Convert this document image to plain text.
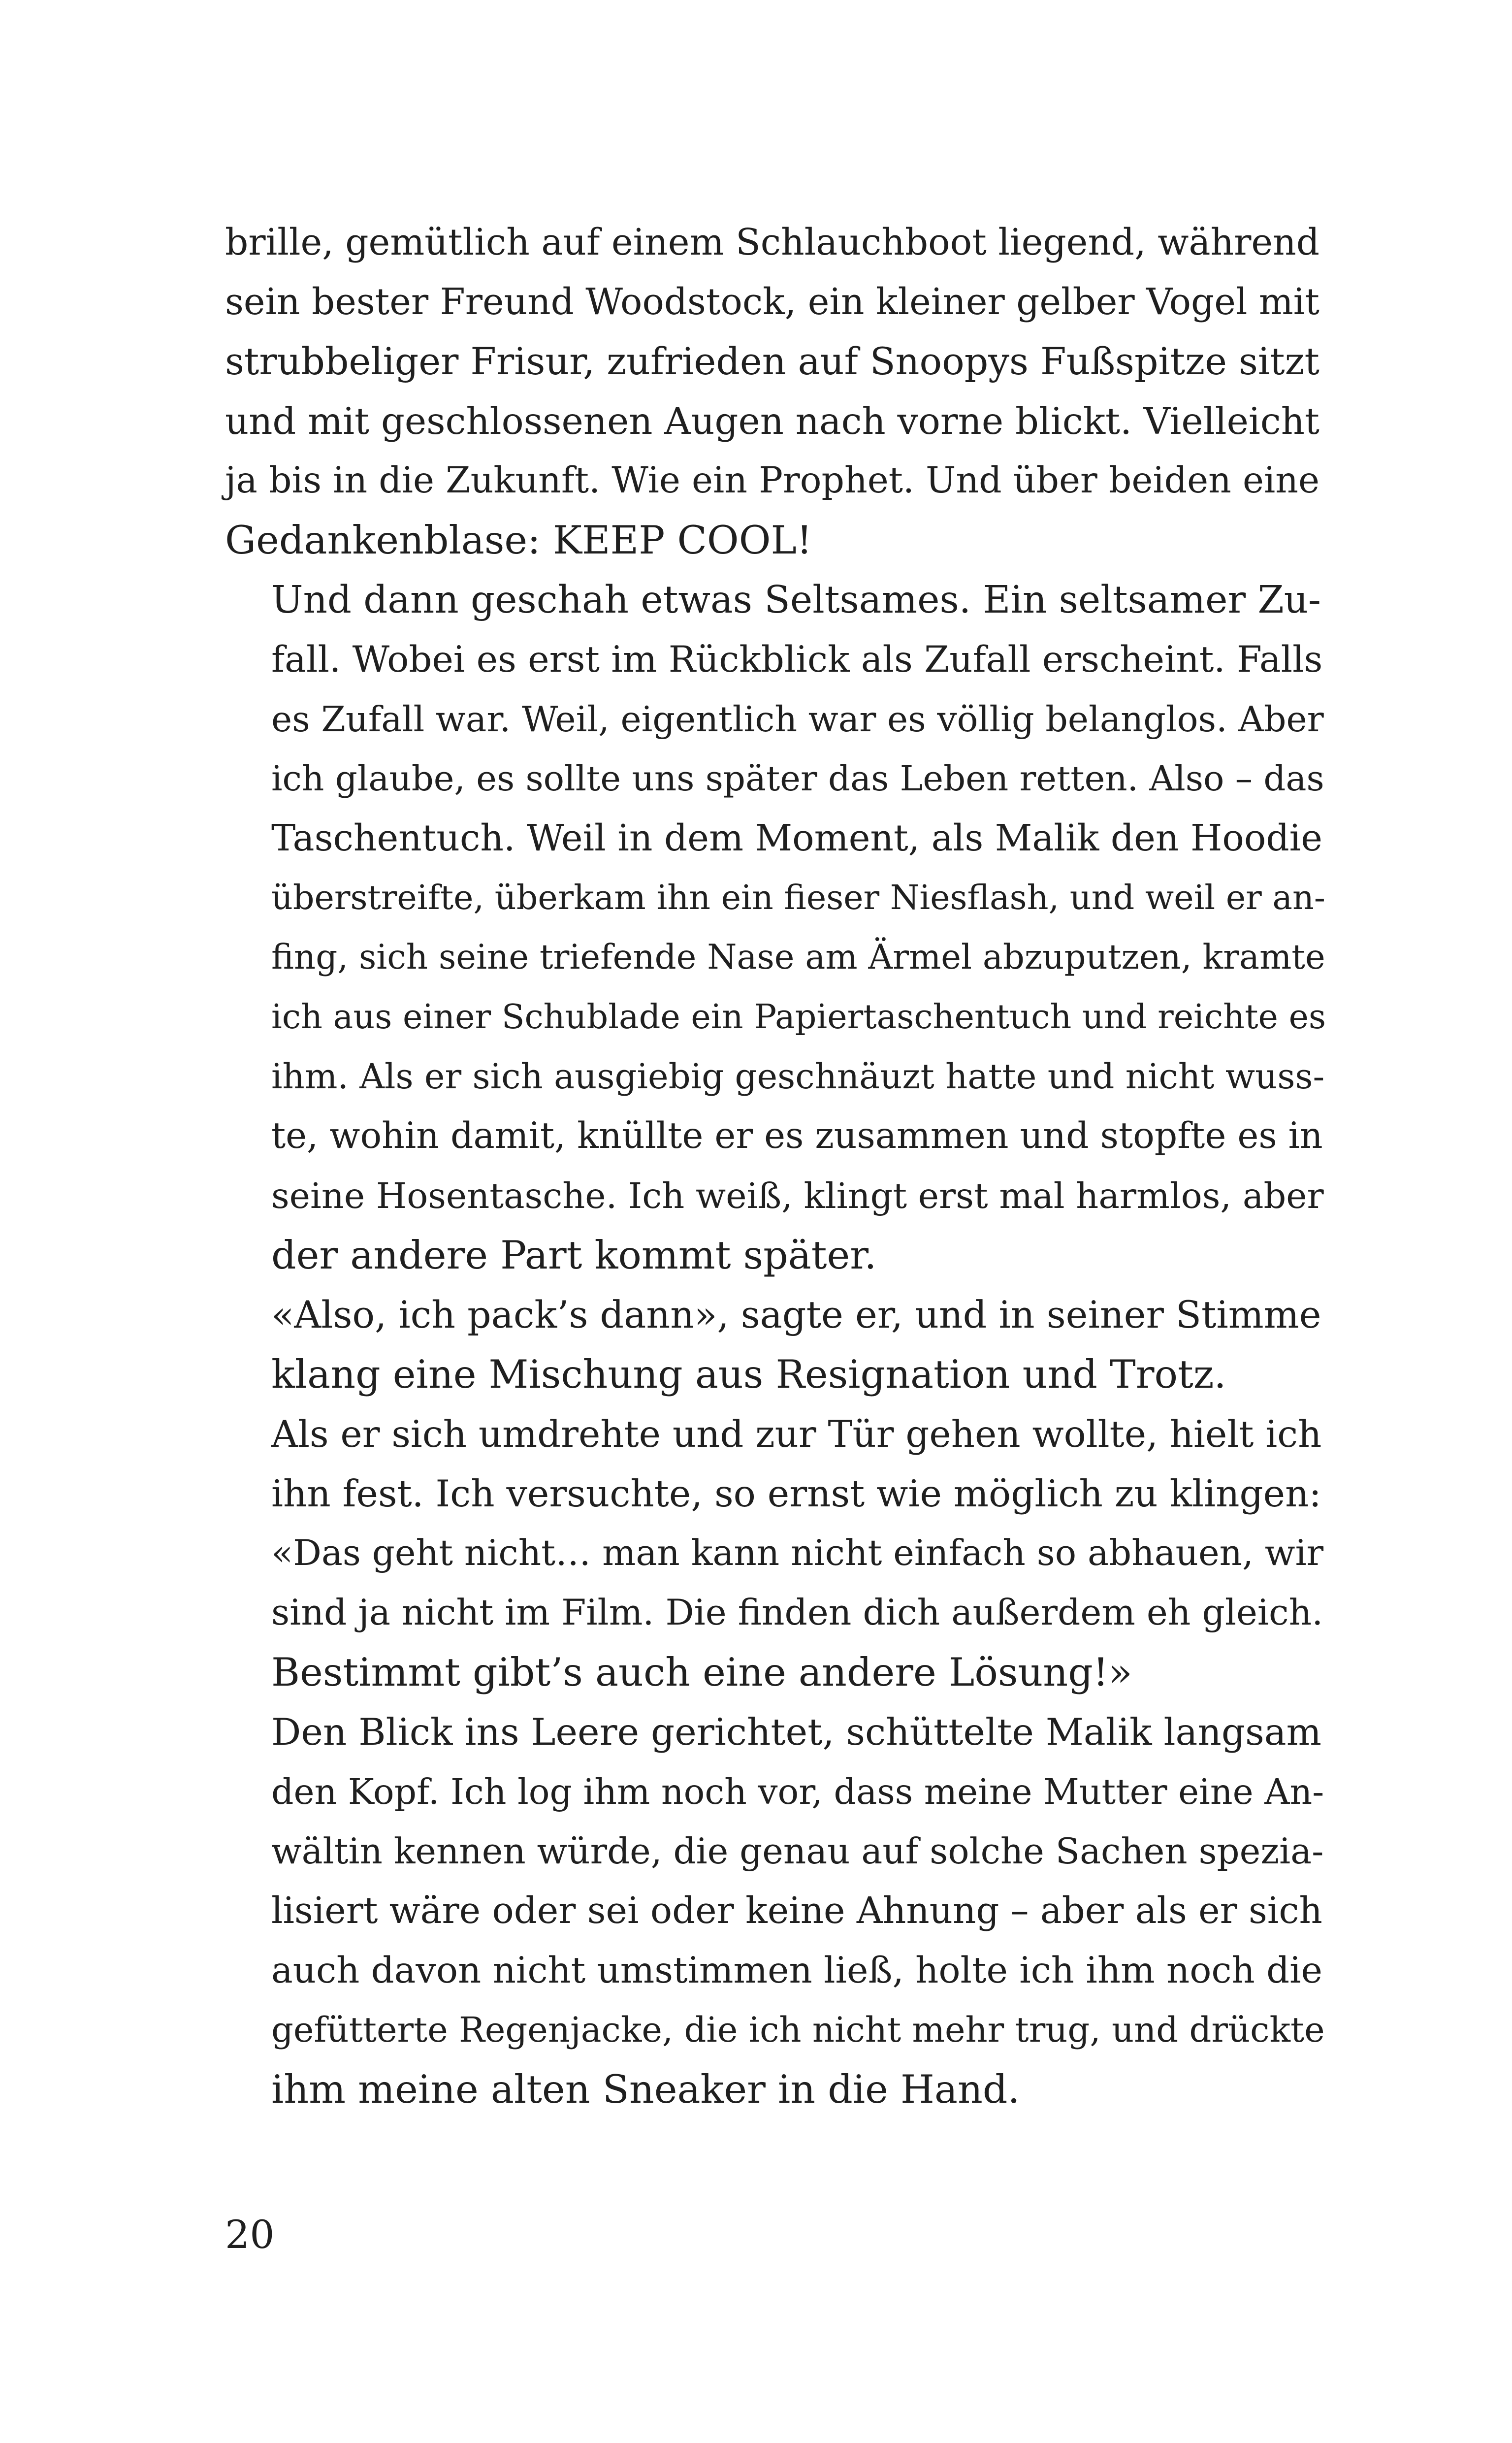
brille, gemütlich auf einem Schlauchboot liegend, während
sein bester Freund Woodstock, ein kleiner gelber Vogel mit
strubbeliger Frisur, zufrieden auf Snoopys Fußspitze sitzt
und mit geschlossenen Augen nach vorne blickt. Vielleicht
ja bis in die Zukunft. Wie ein Prophet. Und über beiden eine
Gedankenblase: KEEP COOL!

Und dann geschah etwas Seltsames. Ein seltsamer Zu-
fall. Wobei es erst im Rückblick als Zufall erscheint. Falls
es Zufall war. Weil, eigentlich war es völlig belanglos. Aber
ich glaube, es sollte uns später das Leben retten. Also – das
Taschentuch. Weil in dem Moment, als Malik den Hoodie
überstreifte, überkam ihn ein fieser Niesflash, und weil er an-
fing, sich seine triefende Nase am Ärmel abzuputzen, kramte
ich aus einer Schublade ein Papiertaschentuch und reichte es
ihm. Als er sich ausgiebig geschnäuzt hatte und nicht wuss-
te, wohin damit, knüllte er es zusammen und stopfte es in
seine Hosentasche. Ich weiß, klingt erst mal harmlos, aber
der andere Part kommt später.

«Also, ich pack’s dann», sagte er, und in seiner Stimme
klang eine Mischung aus Resignation und Trotz.

Als er sich umdrehte und zur Tür gehen wollte, hielt ich
ihn fest. Ich versuchte, so ernst wie möglich zu klingen:

«Das geht nicht… man kann nicht einfach so abhauen, wir
sind ja nicht im Film. Die finden dich außerdem eh gleich.
Bestimmt gibt’s auch eine andere Lösung!»

Den Blick ins Leere gerichtet, schüttelte Malik langsam
den Kopf. Ich log ihm noch vor, dass meine Mutter eine An-
wältin kennen würde, die genau auf solche Sachen spezia-
lisiert wäre oder sei oder keine Ahnung – aber als er sich
auch davon nicht umstimmen ließ, holte ich ihm noch die
gefütterte Regenjacke, die ich nicht mehr trug, und drückte
ihm meine alten Sneaker in die Hand.

20
